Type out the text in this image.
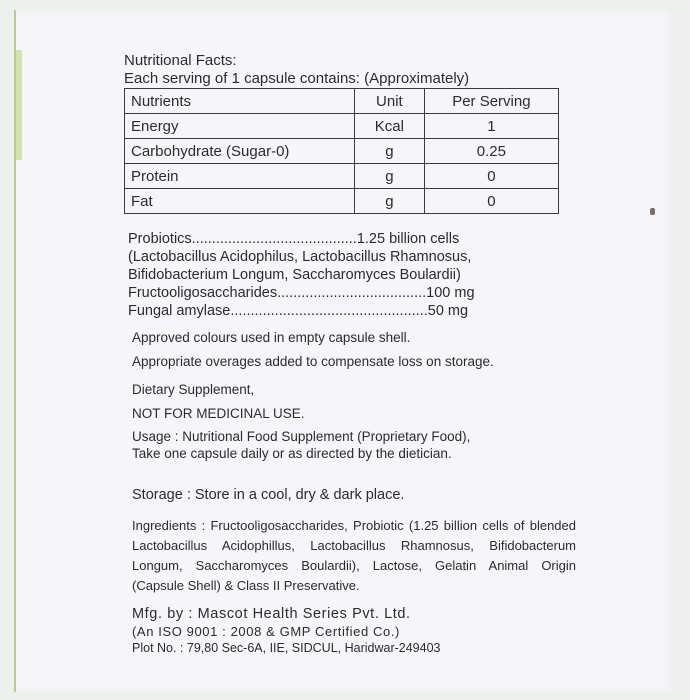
Nutritional Facts:
Each serving of 1 capsule contains: (Approximately)
Nutrients	Unit	Per Serving
Energy	Kcal	1
Carbohydrate (Sugar-0)	g	0.25
Protein	g	0
Fat	g	0
Probiotics.........................................1.25 billion cells
(Lactobacillus Acidophilus, Lactobacillus Rhamnosus,
Bifidobacterium Longum, Saccharomyces Boulardii)
Fructooligosaccharides.....................................100 mg
Fungal amylase.................................................50 mg
Approved colours used in empty capsule shell.
Appropriate overages added to compensate loss on storage.
Dietary Supplement,
NOT FOR MEDICINAL USE.
Usage : Nutritional Food Supplement (Proprietary Food),
Take one capsule daily or as directed by the dietician.
Storage : Store in a cool, dry & dark place.
Ingredients : Fructooligosaccharides, Probiotic (1.25 billion cells of blended
Lactobacillus Acidophillus, Lactobacillus Rhamnosus, Bifidobacterum
Longum, Saccharomyces Boulardii), Lactose, Gelatin Animal Origin
(Capsule Shell) & Class II Preservative.
Mfg. by : Mascot Health Series Pvt. Ltd.
(An ISO 9001 : 2008 & GMP Certified Co.)
Plot No. : 79,80 Sec-6A, IIE, SIDCUL, Haridwar-249403
